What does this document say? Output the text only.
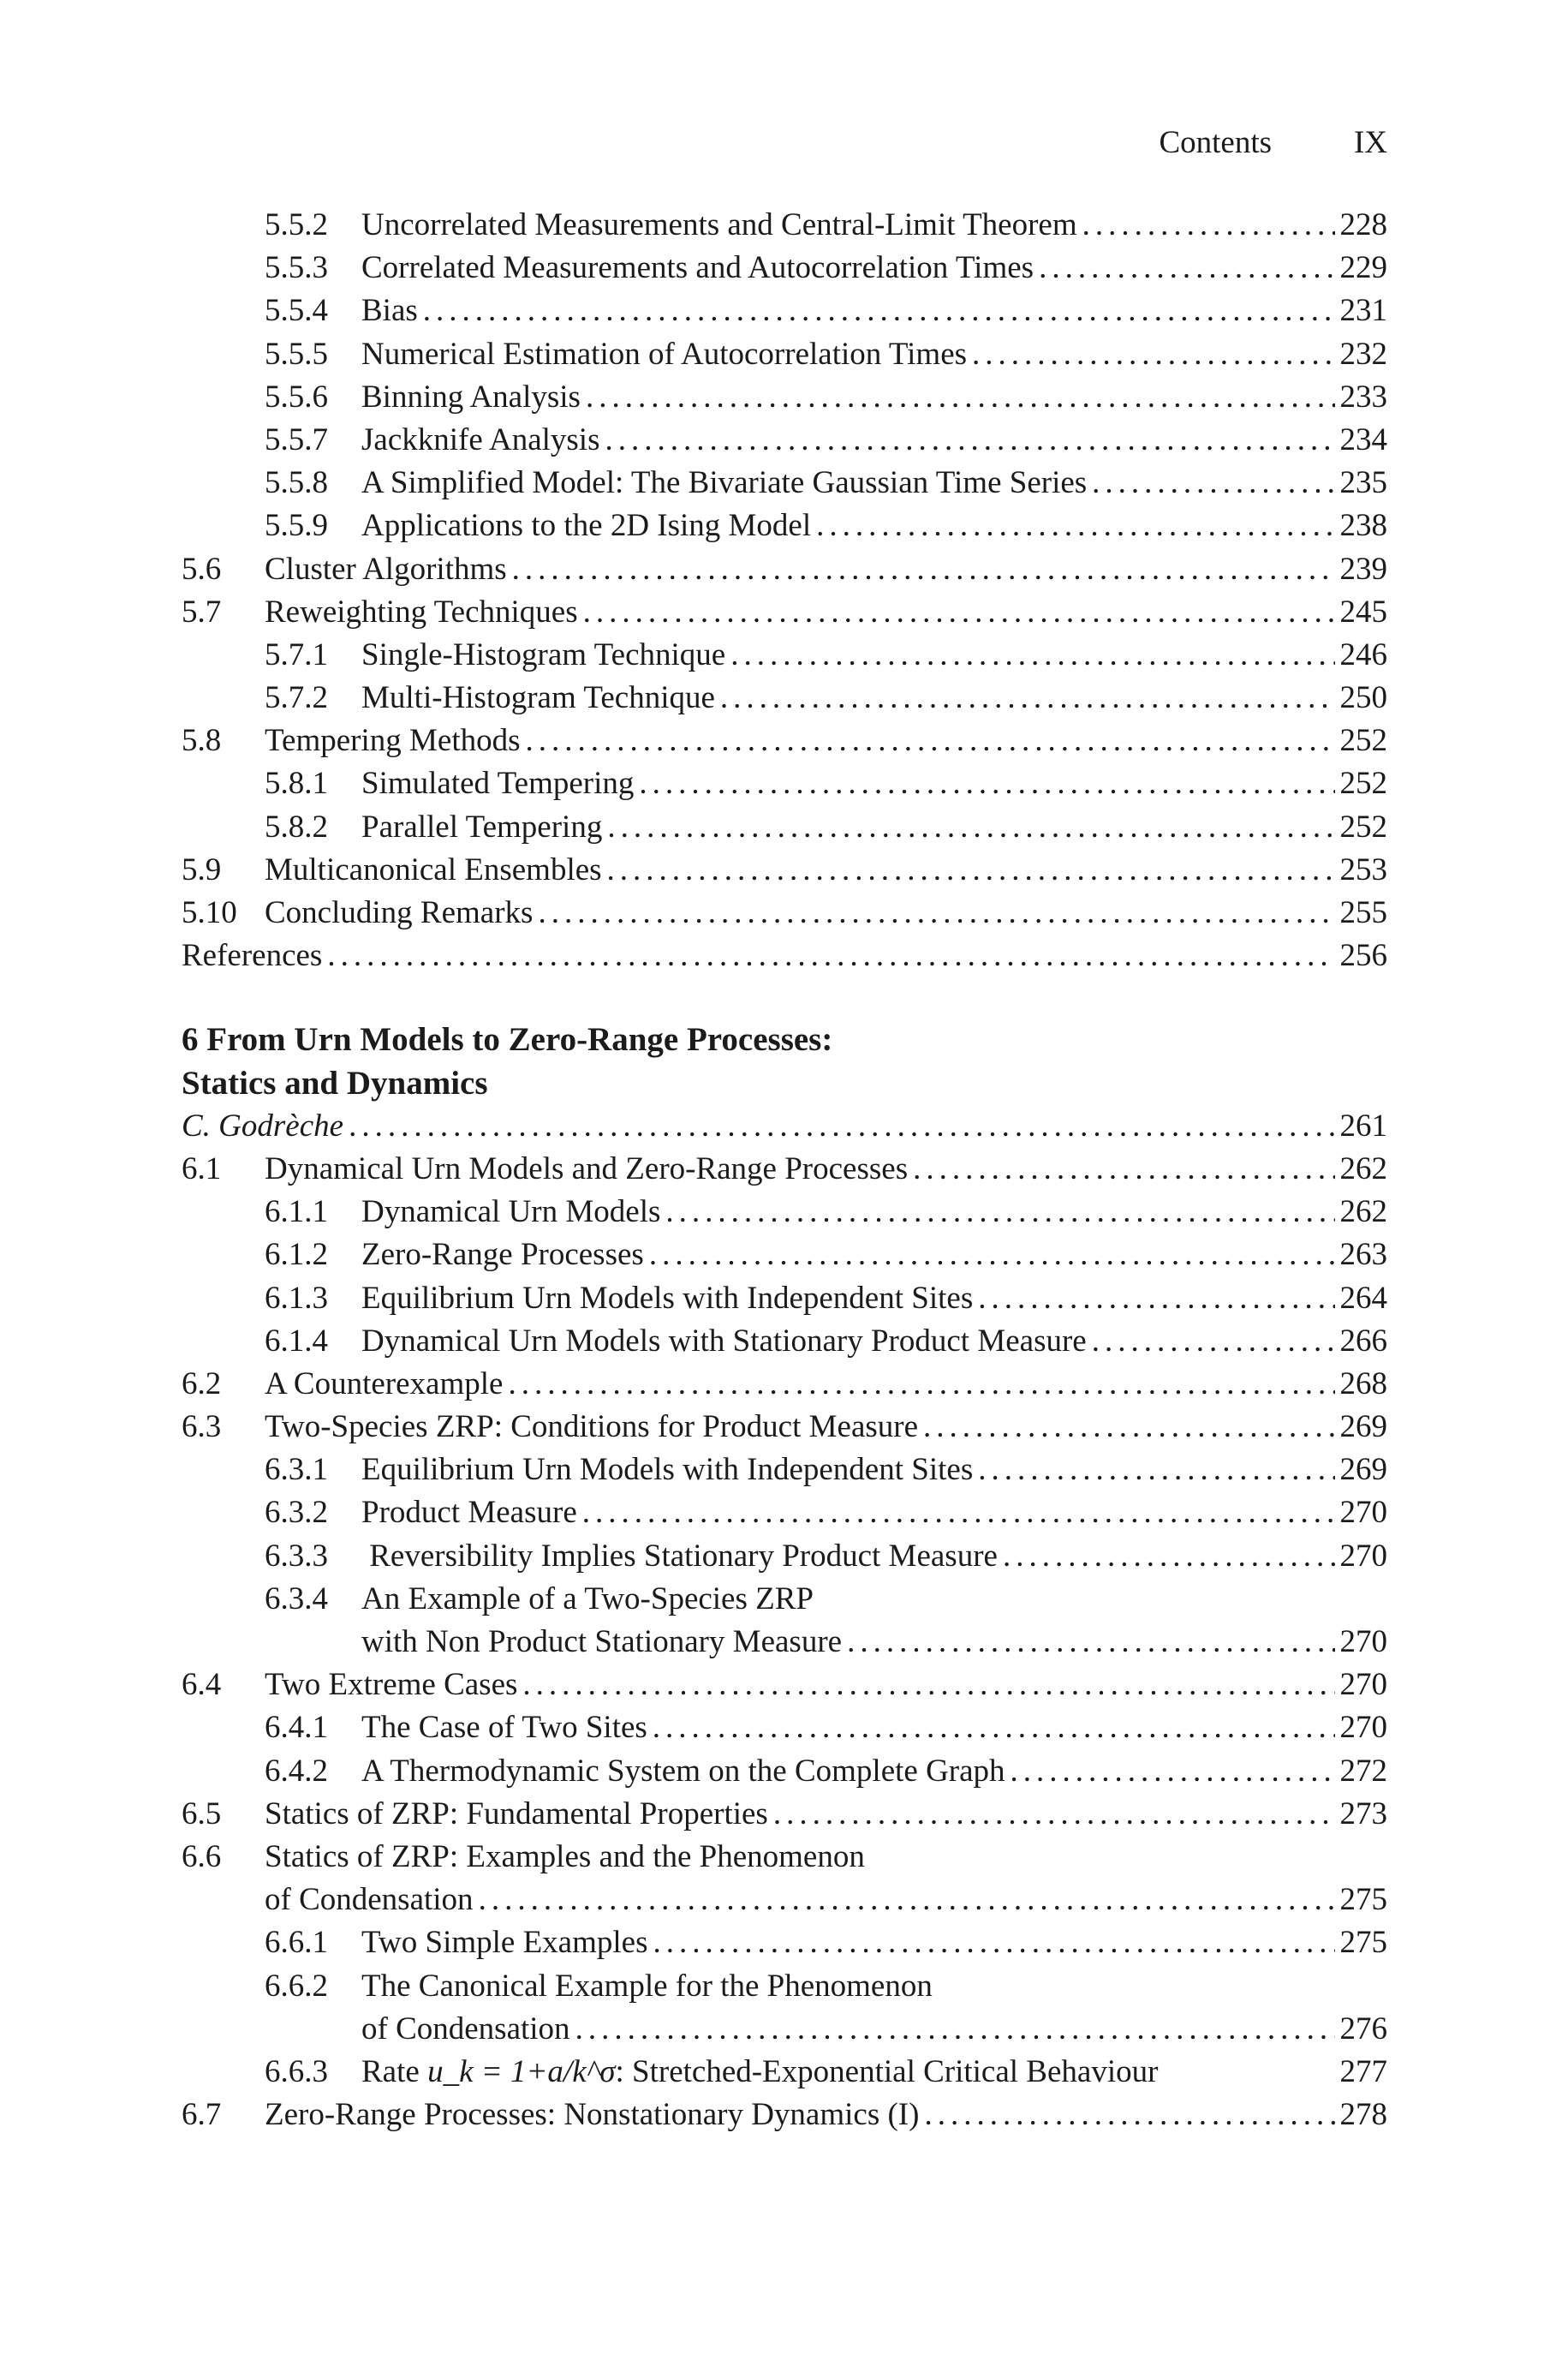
Contents	IX
5.5.2	Uncorrelated Measurements and Central-Limit Theorem .....	228
5.5.3	Correlated Measurements and Autocorrelation Times .....	229
5.5.4	Bias .....	231
5.5.5	Numerical Estimation of Autocorrelation Times .....	232
5.5.6	Binning Analysis .....	233
5.5.7	Jackknife Analysis .....	234
5.5.8	A Simplified Model: The Bivariate Gaussian Time Series .....	235
5.5.9	Applications to the 2D Ising Model .....	238
5.6	Cluster Algorithms .....	239
5.7	Reweighting Techniques .....	245
5.7.1	Single-Histogram Technique .....	246
5.7.2	Multi-Histogram Technique .....	250
5.8	Tempering Methods .....	252
5.8.1	Simulated Tempering .....	252
5.8.2	Parallel Tempering .....	252
5.9	Multicanonical Ensembles .....	253
5.10 Concluding Remarks .....	255
References .....	256
6 From Urn Models to Zero-Range Processes:
Statics and Dynamics
C. Godrèche .....	261
6.1	Dynamical Urn Models and Zero-Range Processes .....	262
6.1.1	Dynamical Urn Models .....	262
6.1.2	Zero-Range Processes .....	263
6.1.3	Equilibrium Urn Models with Independent Sites .....	264
6.1.4	Dynamical Urn Models with Stationary Product Measure .....	266
6.2	A Counterexample .....	268
6.3	Two-Species ZRP: Conditions for Product Measure .....	269
6.3.1	Equilibrium Urn Models with Independent Sites .....	269
6.3.2	Product Measure .....	270
6.3.3	Reversibility Implies Stationary Product Measure .....	270
6.3.4	An Example of a Two-Species ZRP
with Non Product Stationary Measure .....	270
6.4	Two Extreme Cases .....	270
6.4.1	The Case of Two Sites .....	270
6.4.2	A Thermodynamic System on the Complete Graph .....	272
6.5	Statics of ZRP: Fundamental Properties .....	273
6.6	Statics of ZRP: Examples and the Phenomenon
of Condensation .....	275
6.6.1	Two Simple Examples .....	275
6.6.2	The Canonical Example for the Phenomenon
of Condensation .....	276
6.6.3	Rate u_k = 1+a/k^σ: Stretched-Exponential Critical Behaviour	277
6.7	Zero-Range Processes: Nonstationary Dynamics (I) .....	278
